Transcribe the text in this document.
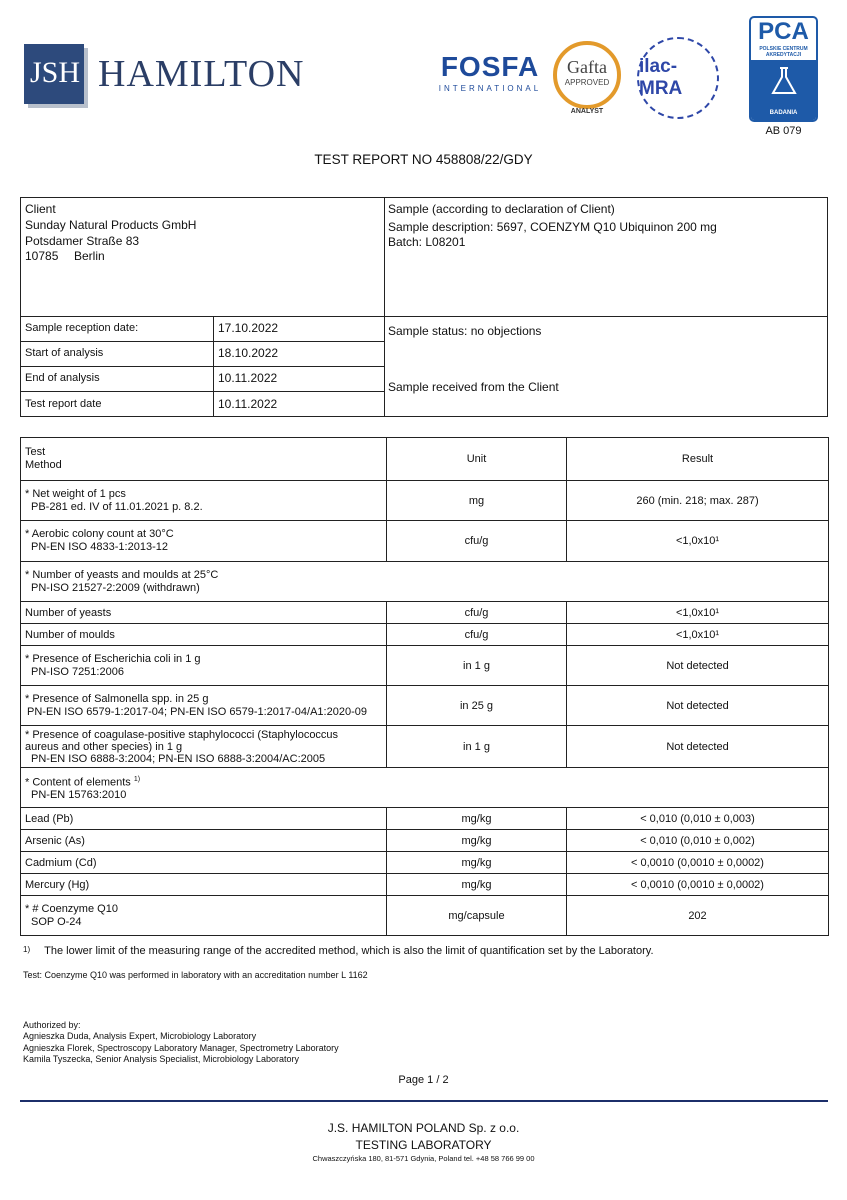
JSH HAMILTON	FOSFA
INTERNATIONAL
Gafta
APPROVED
ANALYST
ilac-MRA
PCA
POLSKIE CENTRUM AKREDYTACJI
BADANIA
AB 079
TEST REPORT NO 458808/22/GDY
Client
Sunday Natural Products GmbH
Potsdamer Straße 83
10785 Berlin
Sample (according to declaration of Client)
Sample description: 5697, COENZYM Q10 Ubiquinon 200 mg
Batch: L08201
Sample status: no objections
Sample received from the Client
Sample reception date:	17.10.2022
Start of analysis	18.10.2022
End of analysis	10.11.2022
Test report date	10.11.2022
Test
Method	Unit	Result

* Net weight of 1 pcs
PB-281 ed. IV of 11.01.2021 p. 8.2.	mg	260 (min. 218; max. 287)

* Aerobic colony count at 30°C
PN-EN ISO 4833-1:2013-12	cfu/g	<1,0x10¹

* Number of yeasts and moulds at 25°C
PN-ISO 21527-2:2009 (withdrawn)		

Number of yeasts	cfu/g	<1,0x10¹
Number of moulds	cfu/g	<1,0x10¹

* Presence of Escherichia coli in 1 g
PN-ISO 7251:2006	in 1 g	Not detected

* Presence of Salmonella spp. in 25 g
PN-EN ISO 6579-1:2017-04; PN-EN ISO 6579-1:2017-04/A1:2020-09	in 25 g	Not detected

* Presence of coagulase-positive staphylococci (Staphylococcus
aureus and other species) in 1 g
PN-EN ISO 6888-3:2004; PN-EN ISO 6888-3:2004/AC:2005	in 1 g	Not detected

* Content of elements $^{1)}$
PN-EN 15763:2010		

Lead (Pb)	mg/kg	< 0,010 (0,010 ± 0,003)
Arsenic (As)	mg/kg	< 0,010 (0,010 ± 0,002)
Cadmium (Cd)	mg/kg	< 0,0010 (0,0010 ± 0,0002)
Mercury (Hg)	mg/kg	< 0,0010 (0,0010 ± 0,0002)

* # Coenzyme Q10
SOP O-24	mg/capsule	202
$^{1)}$ The lower limit of the measuring range of the accredited method, which is also the limit of quantification set by the Laboratory.
Test: Coenzyme Q10 was performed in laboratory with an accreditation number L 1162
Authorized by:
Agnieszka Duda, Analysis Expert, Microbiology Laboratory
Agnieszka Florek, Spectroscopy Laboratory Manager, Spectrometry Laboratory
Kamila Tyszecka, Senior Analysis Specialist, Microbiology Laboratory
Page 1 / 2
J.S. HAMILTON POLAND Sp. z o.o.
TESTING LABORATORY
Chwaszczyńska 180, 81-571 Gdynia, Poland tel. +48 58 766 99 00
